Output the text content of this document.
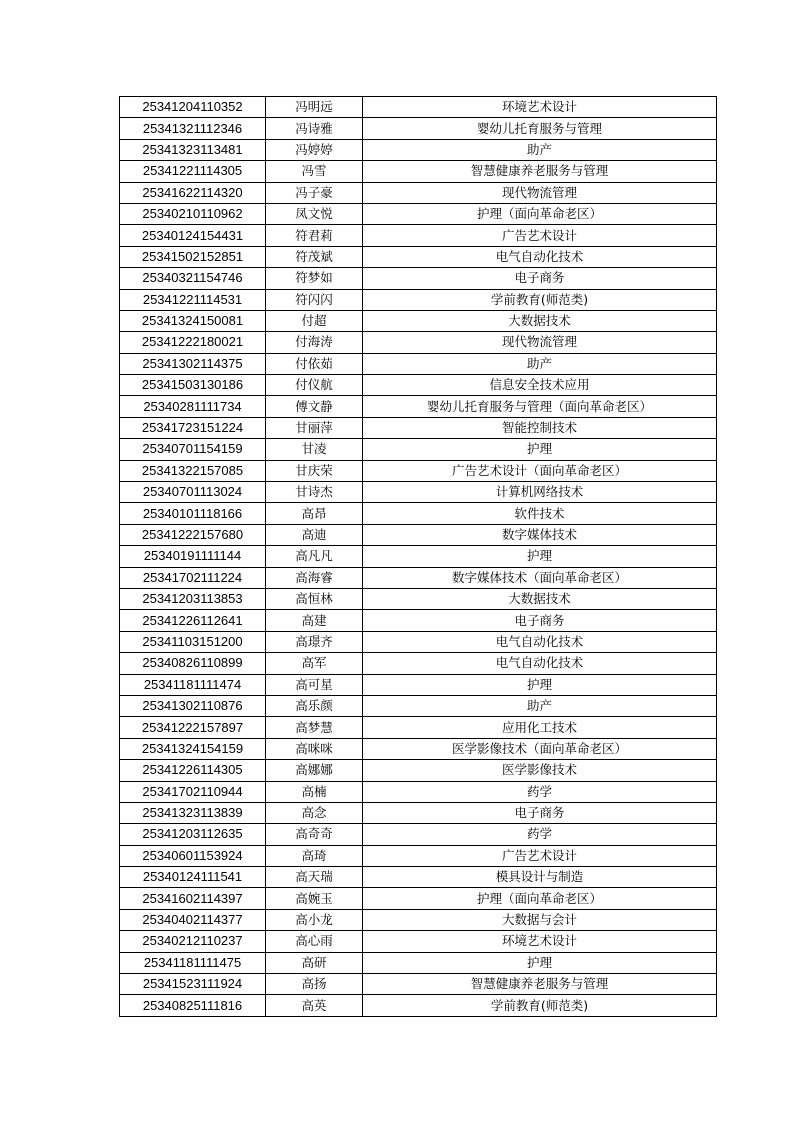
25341204110352	冯明远	环境艺术设计
25341321112346	冯诗雅	婴幼儿托育服务与管理
25341323113481	冯婷婷	助产
25341221114305	冯雪	智慧健康养老服务与管理
25341622114320	冯子豪	现代物流管理
25340210110962	凤文悦	护理（面向革命老区）
25340124154431	符君莉	广告艺术设计
25341502152851	符茂斌	电气自动化技术
25340321154746	符梦如	电子商务
25341221114531	符闪闪	学前教育(师范类)
25341324150081	付超	大数据技术
25341222180021	付海涛	现代物流管理
25341302114375	付依茹	助产
25341503130186	付仪航	信息安全技术应用
25340281111734	傅文静	婴幼儿托育服务与管理（面向革命老区）
25341723151224	甘丽萍	智能控制技术
25340701154159	甘凌	护理
25341322157085	甘庆荣	广告艺术设计（面向革命老区）
25340701113024	甘诗杰	计算机网络技术
25340101118166	高昂	软件技术
25341222157680	高迪	数字媒体技术
25340191111144	高凡凡	护理
25341702111224	高海睿	数字媒体技术（面向革命老区）
25341203113853	高恒林	大数据技术
25341226112641	高建	电子商务
25341103151200	高璟齐	电气自动化技术
25340826110899	高军	电气自动化技术
25341181111474	高可星	护理
25341302110876	高乐颜	助产
25341222157897	高梦慧	应用化工技术
25341324154159	高咪咪	医学影像技术（面向革命老区）
25341226114305	高娜娜	医学影像技术
25341702110944	高楠	药学
25341323113839	高念	电子商务
25341203112635	高奇奇	药学
25340601153924	高琦	广告艺术设计
25340124111541	高天瑞	模具设计与制造
25341602114397	高婉玉	护理（面向革命老区）
25340402114377	高小龙	大数据与会计
25340212110237	高心雨	环境艺术设计
25341181111475	高研	护理
25341523111924	高扬	智慧健康养老服务与管理
25340825111816	高英	学前教育(师范类)
